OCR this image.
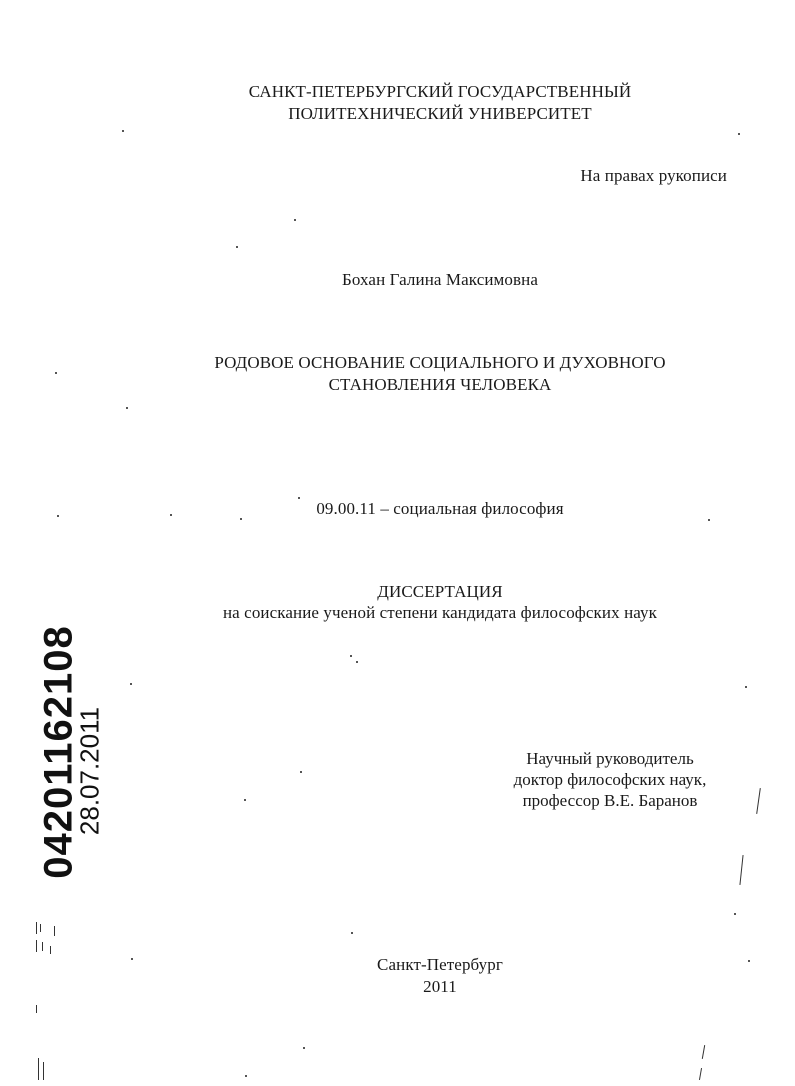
САНКТ-ПЕТЕРБУРГСКИЙ ГОСУДАРСТВЕННЫЙ
ПОЛИТЕХНИЧЕСКИЙ УНИВЕРСИТЕТ
На правах рукописи
Бохан Галина Максимовна
РОДОВОЕ ОСНОВАНИЕ СОЦИАЛЬНОГО И ДУХОВНОГО
СТАНОВЛЕНИЯ ЧЕЛОВЕКА
09.00.11 – социальная философия
ДИССЕРТАЦИЯ
на соискание ученой степени кандидата философских наук
Научный руководитель
доктор философских наук,
профессор В.Е. Баранов
Санкт-Петербург
2011
04201162108
28.07.2011
